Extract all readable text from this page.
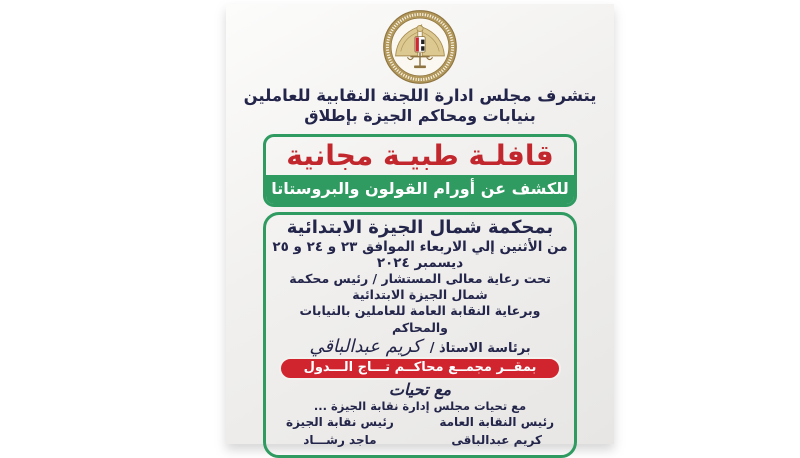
يتشرف مجلس ادارة اللجنة النقابية للعاملين
بنيابات ومحاكم الجيزة بإطلاق
قافلـة طبيـة مجانية
للكشف عن أورام القولون والبروستاتا
بمحكمة شمال الجيزة الابتدائية
من الأثنين إلي الاربعاء الموافق ٢٣ و ٢٤ و ٢٥ ديسمبر ٢٠٢٤
تحت رعاية معالى المستشار / رئيس محكمة شمال الجيزة الابتدائية
وبرعاية النقابة العامة للعاملين بالنيابات والمحاكم
برئاسة الاستاذ / كريم عبدالباقي
بمقــر مجمــع محاكــم تـــاج الـــدول
مع تحيات
مع تحيات مجلس إدارة نقابة الجيزة ...
رئيس النقابة العامة
كريم عبدالباقى
رئيس نقابة الجيزة
ماجد رشـــاد
